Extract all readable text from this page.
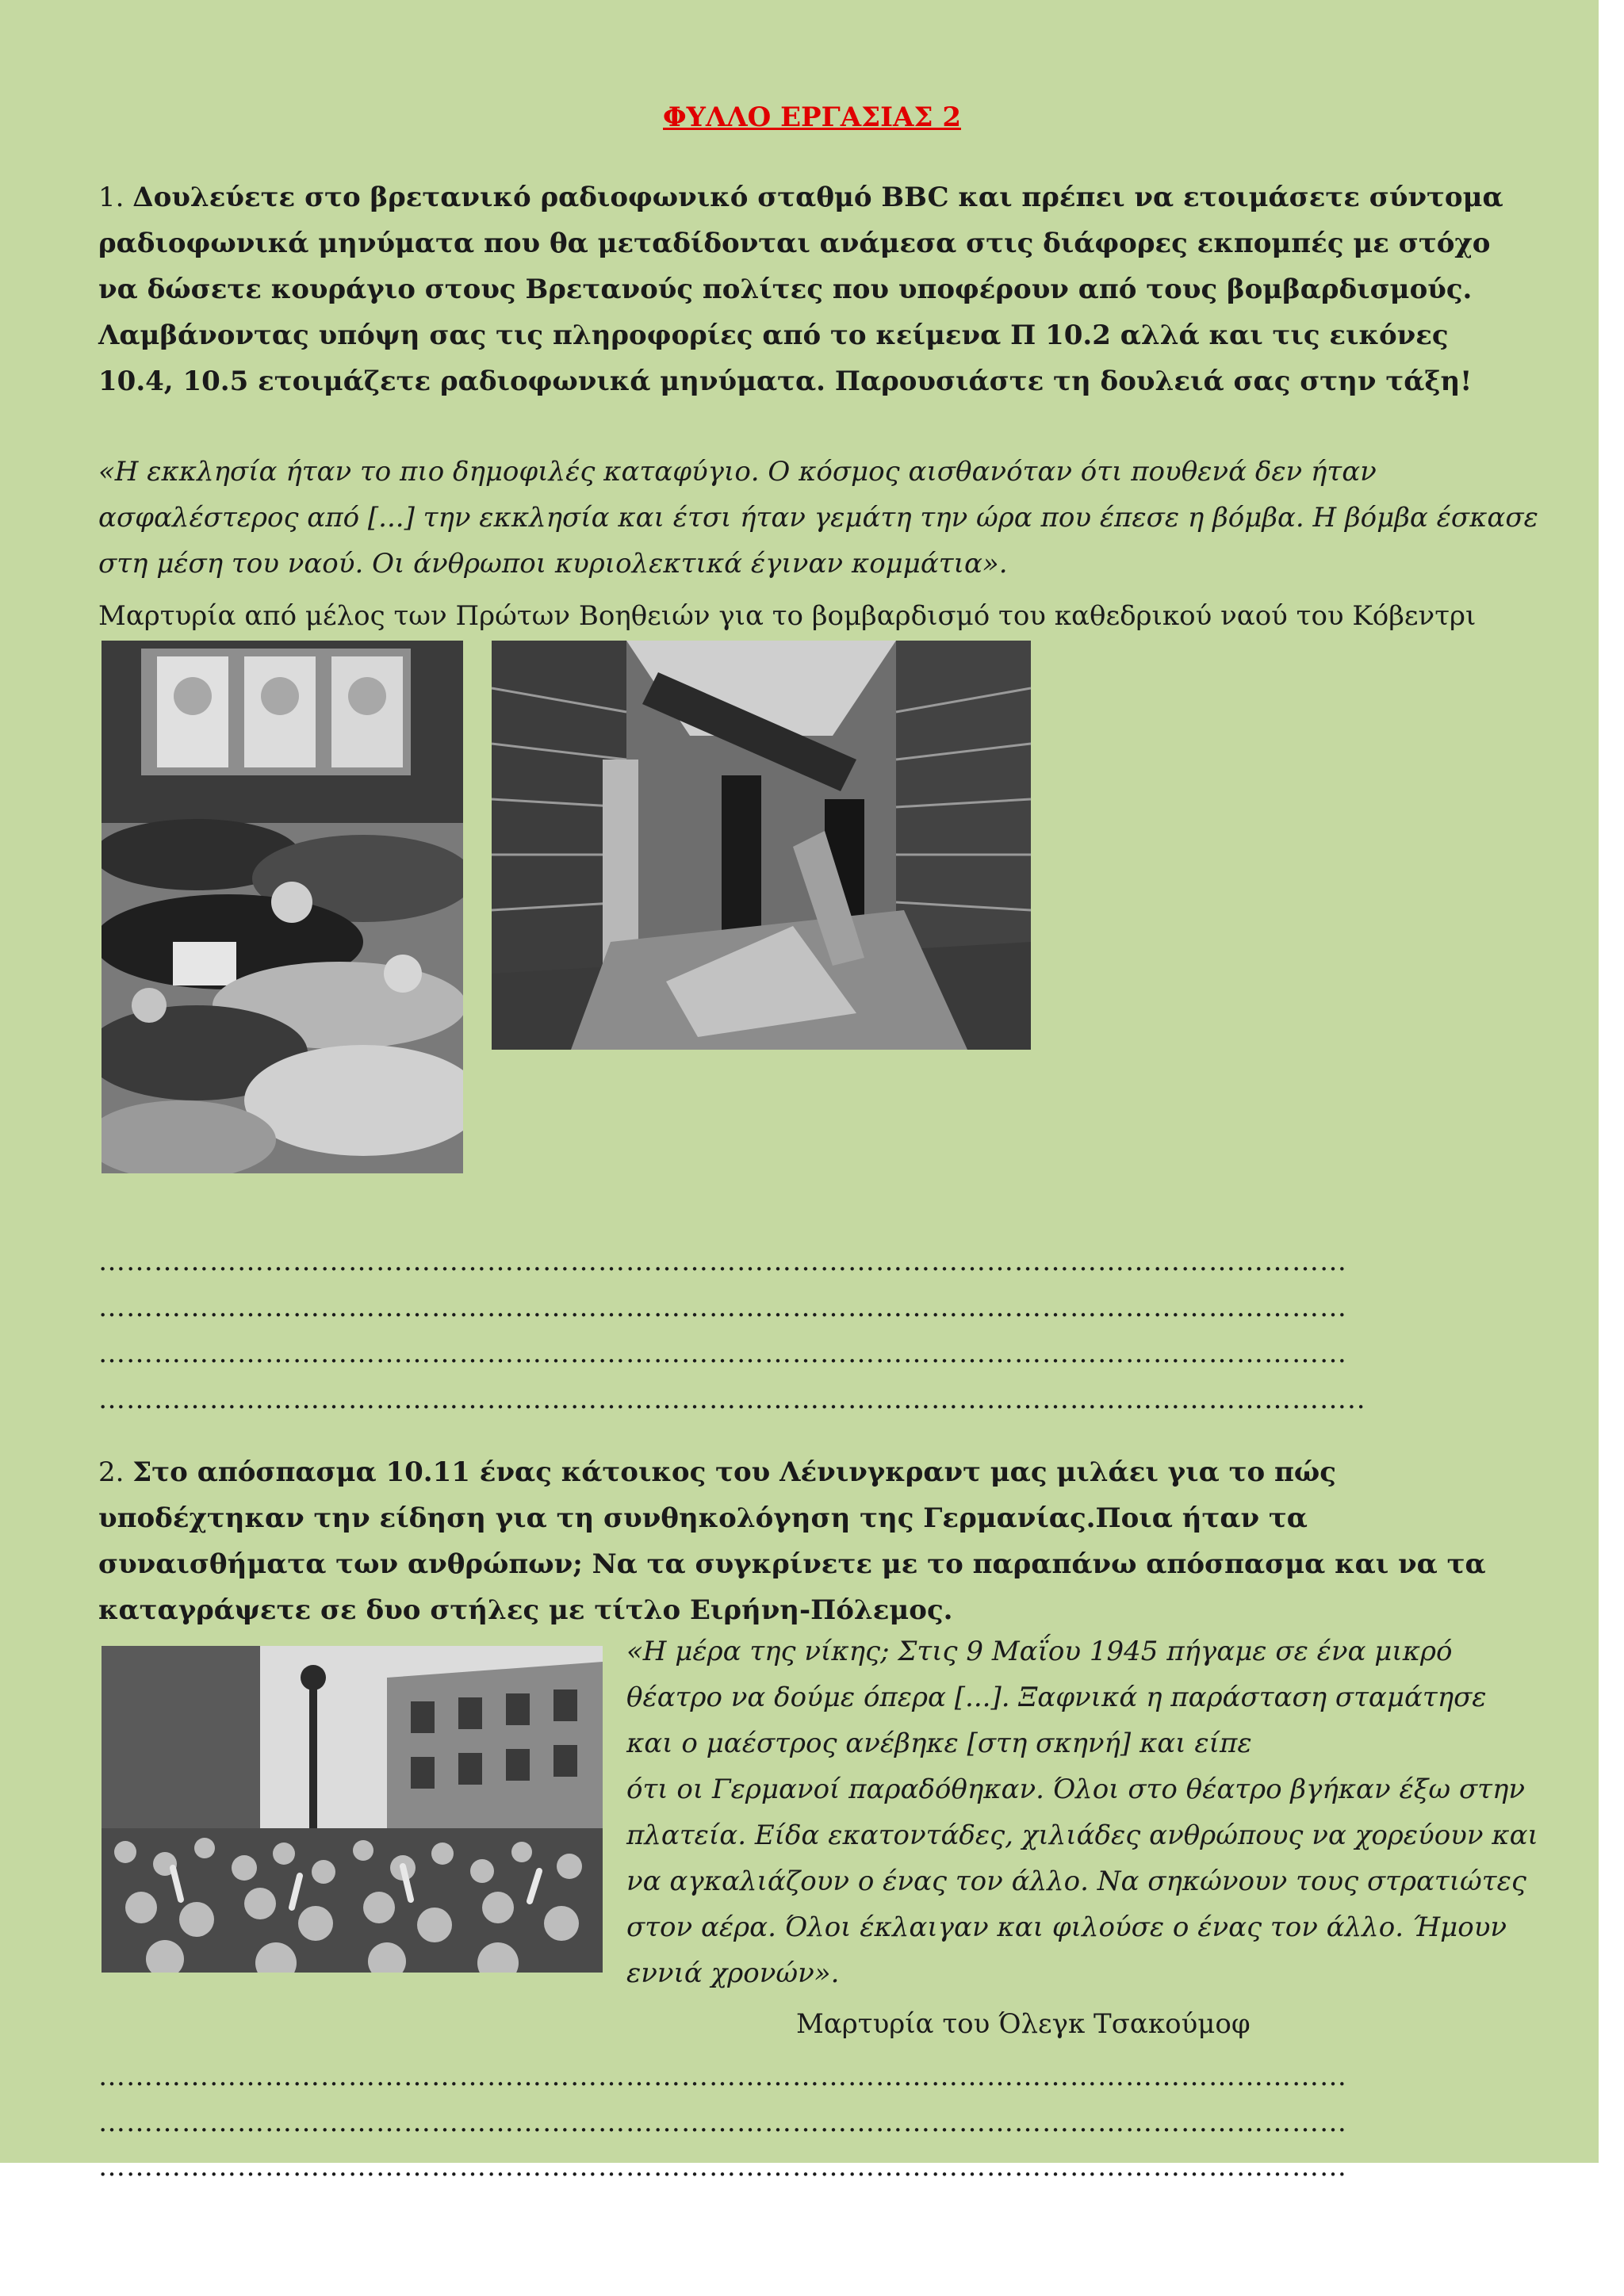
ΦΥΛΛΟ ΕΡΓΑΣΙΑΣ 2
1. Δουλεύετε στο βρετανικό ραδιοφωνικό σταθμό BBC και πρέπει να ετοιμάσετε σύντομα ραδιοφωνικά μηνύματα που θα μεταδίδονται ανάμεσα στις διάφορες εκπομπές με στόχο να δώσετε κουράγιο στους Βρετανούς πολίτες που υποφέρουν από τους βομβαρδισμούς. Λαμβάνοντας υπόψη σας τις πληροφορίες από το κείμενα Π 10.2 αλλά και τις εικόνες 10.4, 10.5 ετοιμάζετε ραδιοφωνικά μηνύματα. Παρουσιάστε τη δουλειά σας στην τάξη!
«Η εκκλησία ήταν το πιο δημοφιλές καταφύγιο. Ο κόσμος αισθανόταν ότι πουθενά δεν ήταν ασφαλέστερος από [...] την εκκλησία και έτσι ήταν γεμάτη την ώρα που έπεσε η βόμβα. Η βόμβα έσκασε στη μέση του ναού. Οι άνθρωποι κυριολεκτικά έγιναν κομμάτια».
Μαρτυρία από μέλος των Πρώτων Βοηθειών για το βομβαρδισμό του καθεδρικού ναού του Κόβεντρι
………………………………………………………………………………………………………………………
………………………………………………………………………………………………………………………
………………………………………………………………………………………………………………………
………………………………………………………………………………………………………………………..
2. Στο απόσπασμα 10.11 ένας κάτοικος του Λένινγκραντ μας μιλάει για το πώς υποδέχτηκαν την είδηση για τη συνθηκολόγηση της Γερμανίας.Ποια ήταν τα συναισθήματα των ανθρώπων; Να τα συγκρίνετε με το παραπάνω απόσπασμα και να τα καταγράψετε σε δυο στήλες με τίτλο Ειρήνη-Πόλεμος.

«Η μέρα της νίκης; Στις 9 Μαΐου 1945 πήγαμε σε ένα μικρό θέατρο να δούμε όπερα [...]. Ξαφνικά η παράσταση σταμάτησε και ο μαέστρος ανέβηκε [στη σκηνή] και είπε

ότι οι Γερμανοί παραδόθηκαν. Όλοι στο θέατρο βγήκαν έξω στην πλατεία. Είδα εκατοντάδες, χιλιάδες ανθρώπους να χορεύουν και να αγκαλιάζουν ο ένας τον άλλο. Να σηκώνουν τους στρατιώτες στον αέρα. Όλοι έκλαιγαν και φιλούσε ο ένας τον άλλο. Ήμουν εννιά χρονών».

Μαρτυρία του Όλεγκ Τσακούμοφ
………………………………………………………………………………………………………………………
………………………………………………………………………………………………………………………
………………………………………………………………………………………………………………………
